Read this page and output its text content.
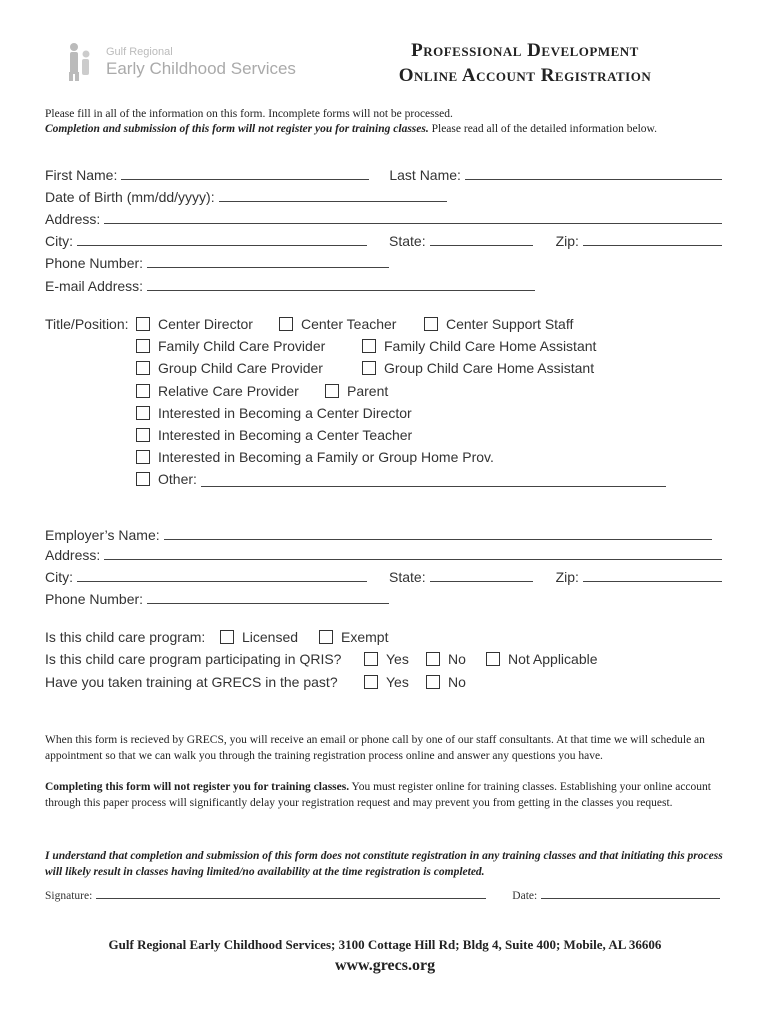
Gulf Regional
Early Childhood Services
Professional Development
Online Account Registration
Please fill in all of the information on this form. Incomplete forms will not be processed.
Completion and submission of this form will not register you for training classes. Please read all of the detailed information below.
First Name:	Last Name:
Date of Birth (mm/dd/yyyy):
Address:
City:	State:	Zip:
Phone Number:
E-mail Address:
Title/Position: Center Director	Center Teacher	Center Support Staff
Family Child Care Provider	Family Child Care Home Assistant
Group Child Care Provider	Group Child Care Home Assistant
Relative Care Provider	Parent
Interested in Becoming a Center Director
Interested in Becoming a Center Teacher
Interested in Becoming a Family or Group Home Prov.
Other:
Employer’s Name:
Address:
City:	State:	Zip:
Phone Number:
Is this child care program:	Licensed	Exempt
Is this child care program participating in QRIS?	Yes	No	Not Applicable
Have you taken training at GRECS in the past?	Yes	No
When this form is recieved by GRECS, you will receive an email or phone call by one of our staff consultants. At that time we will schedule an appointment so that we can walk you through the training registration process online and answer any questions you have.
Completing this form will not register you for training classes. You must register online for training classes. Establishing your online account through this paper process will significantly delay your registration request and may prevent you from getting in the classes you request.
I understand that completion and submission of this form does not constitute registration in any training classes and that initiating this process will likely result in classes having limited/no availability at the time registration is completed.
Signature:	Date:
Gulf Regional Early Childhood Services; 3100 Cottage Hill Rd; Bldg 4, Suite 400; Mobile, AL 36606
www.grecs.org
